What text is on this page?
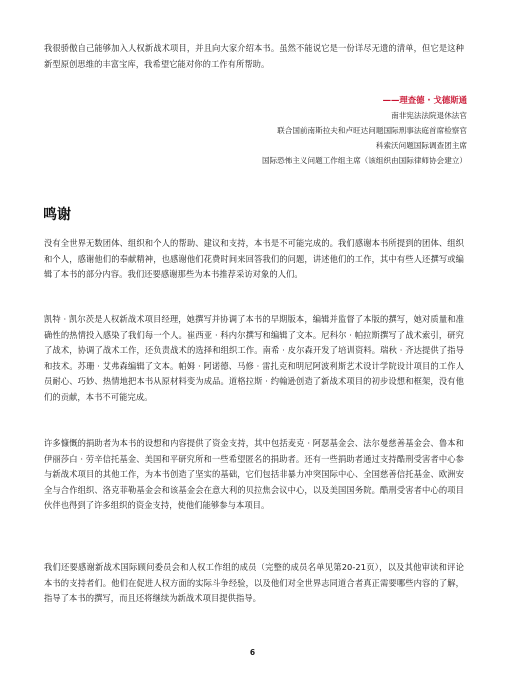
我很骄傲自己能够加入人权新战术项目，并且向大家介绍本书。虽然不能说它是一份详尽无遗的清单，但它是这种新型原创思维的丰富宝库，我希望它能对你的工作有所帮助。

——理查德 · 戈德斯通
南非宪法法院退休法官
联合国前南斯拉夫和卢旺达问题国际刑事法庭首席检察官
科索沃问题国际调查团主席
国际恐怖主义问题工作组主席（该组织由国际律师协会建立）
鸣谢

没有全世界无数团体、组织和个人的帮助、建议和支持，本书是不可能完成的。我们感谢本书所提到的团体、组织和个人，感谢他们的奉献精神，也感谢他们花费时间来回答我们的问题，讲述他们的工作，其中有些人还撰写或编辑了本书的部分内容。我们还要感谢那些为本书推荐采访对象的人们。

凯特 · 凯尔茨是人权新战术项目经理，她撰写并协调了本书的早期版本，编辑并监督了本版的撰写，她对质量和准确性的热情投入感染了我们每一个人。崔西亚 · 科内尔撰写和编辑了文本。尼科尔 · 帕拉斯撰写了战术索引，研究了战术，协调了战术工作，还负责战术的选择和组织工作。南希 · 皮尔森开发了培训资料。瑞秋 · 齐达提供了指导和技术。苏珊 · 艾弗森编辑了文本。帕姆 · 阿诺德、马修 · 雷扎克和明尼阿波利斯艺术设计学院设计项目的工作人员耐心、巧妙、热情地把本书从原材料变为成品。道格拉斯 · 约翰逊创造了新战术项目的初步设想和框架，没有他们的贡献，本书不可能完成。

许多慷慨的捐助者为本书的设想和内容提供了资金支持，其中包括麦克 · 阿瑟基金会、法尔曼慈善基金会、鲁本和伊丽莎白 · 劳辛信托基金、美国和平研究所和一些希望匿名的捐助者。还有一些捐助者通过支持酷刑受害者中心参与新战术项目的其他工作，为本书创造了坚实的基础，它们包括非暴力冲突国际中心、全国慈善信托基金、欧洲安全与合作组织、洛克菲勒基金会和该基金会在意大利的贝拉焦会议中心，以及美国国务院。酷刑受害者中心的项目伙伴也得到了许多组织的资金支持，使他们能够参与本项目。

我们还要感谢新战术国际顾问委员会和人权工作组的成员（完整的成员名单见第20-21页），以及其他审读和评论本书的支持者们。他们在促进人权方面的实际斗争经验，以及他们对全世界志同道合者真正需要哪些内容的了解，指导了本书的撰写，而且还将继续为新战术项目提供指导。

6
